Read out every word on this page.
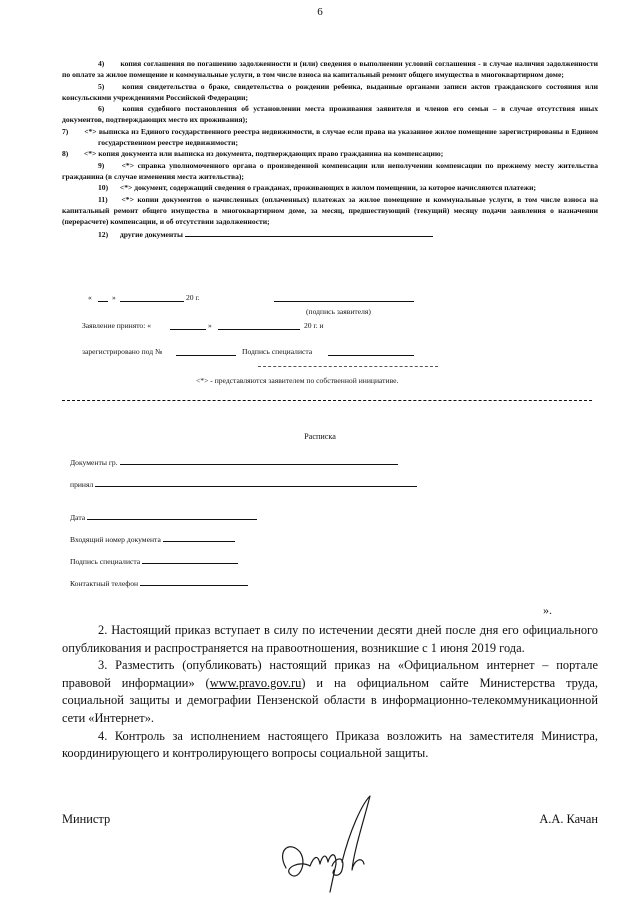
6

4) копия соглашения по погашению задолженности и (или) сведения о выполнении условий соглашения - в случае наличия задолженности по оплате за жилое помещение и коммунальные услуги, в том числе взноса на капитальный ремонт общего имущества в многоквартирном доме;

5) копия свидетельства о браке, свидетельства о рождении ребенка, выданные органами записи актов гражданского состояния или консульскими учреждениями Российской Федерации;

6) копия судебного постановления об установлении места проживания заявителя и членов его семьи – в случае отсутствия иных документов, подтверждающих место их проживания);

7) <*> выписка из Единого государственного реестра недвижимости, в случае если права на указанное жилое помещение зарегистрированы в Едином государственном реестре недвижимости;

8) <*> копия документа или выписка из документа, подтверждающих право гражданина на компенсацию;

9) <*> справка уполномоченного органа о произведенной компенсации или неполучении компенсации по прежнему месту жительства гражданина (в случае изменения места жительства);

10) <*> документ, содержащий сведения о гражданах, проживающих в жилом помещении, за которое начисляются платежи;

11) <*> копии документов о начисленных (оплаченных) платежах за жилое помещение и коммунальные услуги, в том числе взноса на капитальный ремонт общего имущества в многоквартирном доме, за месяц, предшествующий (текущий) месяцу подачи заявления о назначении (перерасчете) компенсации, и об отсутствии задолженности;

12) другие документы

«	»	20 г.
(подпись заявителя)
Заявление принято: «	»	20 г. и
зарегистрировано под №	Подпись специалиста
<*> - представляются заявителем по собственной инициативе.
Расписка
Документы гр.
принял
Дата
Входящий номер документа
Подпись специалиста
Контактный телефон
».

2. Настоящий приказ вступает в силу по истечении десяти дней после дня его официального опубликования и распространяется на правоотношения, возникшие с 1 июня 2019 года.

3. Разместить (опубликовать) настоящий приказ на «Официальном интернет – портале правовой информации» (www.pravo.gov.ru) и на официальном сайте Министерства труда, социальной защиты и демографии Пензенской области в информационно-телекоммуникационной сети «Интернет».

4. Контроль за исполнением настоящего Приказа возложить на заместителя Министра, координирующего и контролирующего вопросы социальной защиты.

Министр	А.А. Качан
